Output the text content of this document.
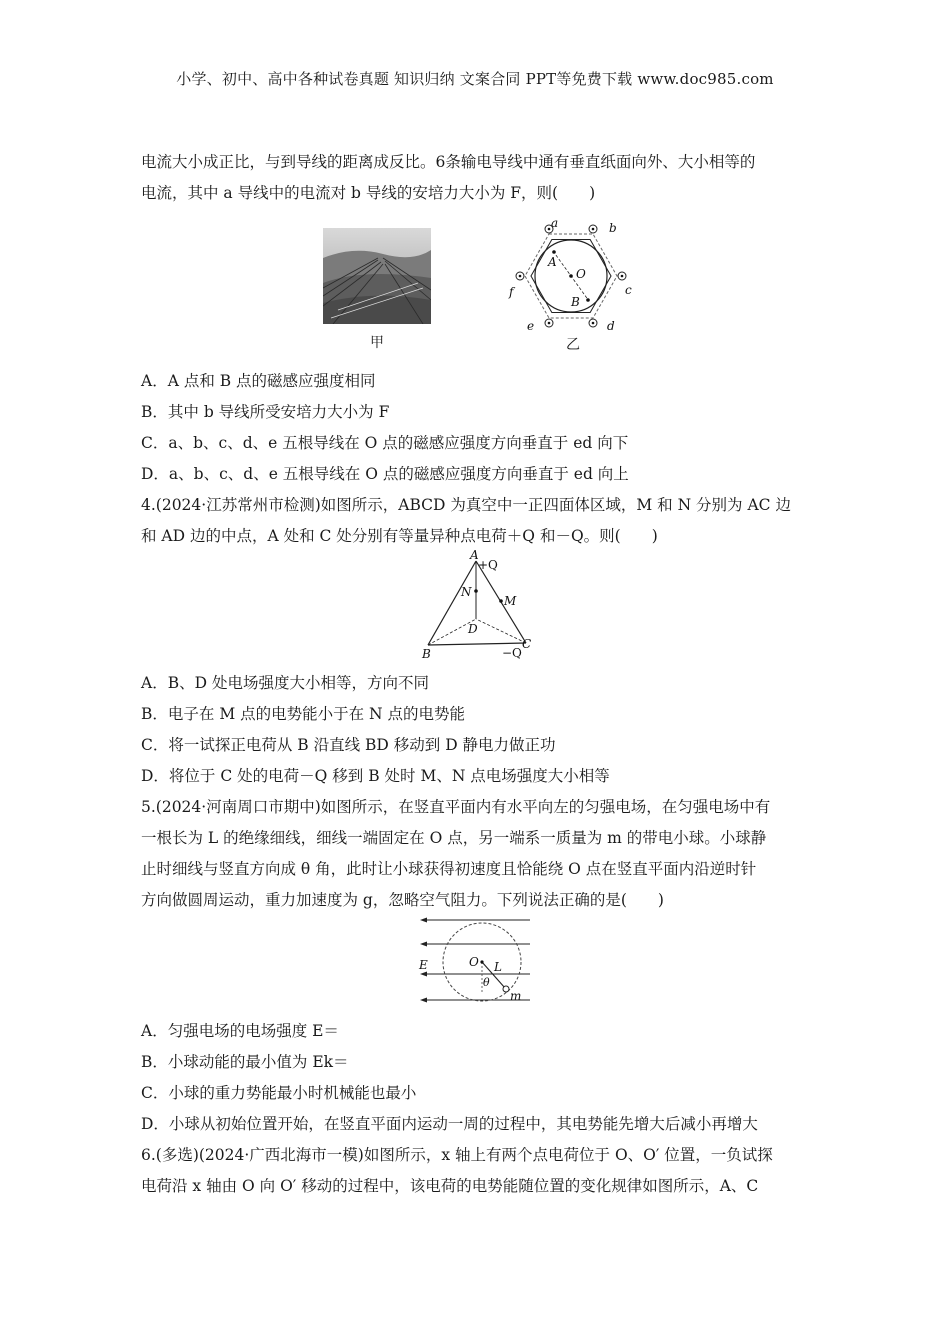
小学、初中、高中各种试卷真题 知识归纳 文案合同 PPT等免费下载 www.doc985.com
电流大小成正比，与到导线的距离成反比。6条输电导线中通有垂直纸面向外、大小相等的
电流，其中 a 导线中的电流对 b 导线的安培力大小为 F，则(　　)
甲
a	b
c
d
e
f
A
O
B
乙
A．A 点和 B 点的磁感应强度相同
B．其中 b 导线所受安培力大小为 F
C．a、b、c、d、e 五根导线在 O 点的磁感应强度方向垂直于 ed 向下
D．a、b、c、d、e 五根导线在 O 点的磁感应强度方向垂直于 ed 向上
4.(2024·江苏常州市检测)如图所示，ABCD 为真空中一正四面体区域，M 和 N 分别为 AC 边
和 AD 边的中点，A 处和 C 处分别有等量异种点电荷＋Q 和－Q。则(　　)
A
+Q
N
M
D
B
C
−Q
A．B、D 处电场强度大小相等，方向不同
B．电子在 M 点的电势能小于在 N 点的电势能
C．将一试探正电荷从 B 沿直线 BD 移动到 D 静电力做正功
D．将位于 C 处的电荷－Q 移到 B 处时 M、N 点电场强度大小相等
5.(2024·河南周口市期中)如图所示，在竖直平面内有水平向左的匀强电场，在匀强电场中有
一根长为 L 的绝缘细线，细线一端固定在 O 点，另一端系一质量为 m 的带电小球。小球静
止时细线与竖直方向成 θ 角，此时让小球获得初速度且恰能绕 O 点在竖直平面内沿逆时针
方向做圆周运动，重力加速度为 g，忽略空气阻力。下列说法正确的是(　　)
E	O L
θ
m
A．匀强电场的电场强度 E＝
B．小球动能的最小值为 Ek＝
C．小球的重力势能最小时机械能也最小
D．小球从初始位置开始，在竖直平面内运动一周的过程中，其电势能先增大后减小再增大
6.(多选)(2024·广西北海市一模)如图所示，x 轴上有两个点电荷位于 O、O′ 位置，一负试探
电荷沿 x 轴由 O 向 O′ 移动的过程中，该电荷的电势能随位置的变化规律如图所示，A、C
